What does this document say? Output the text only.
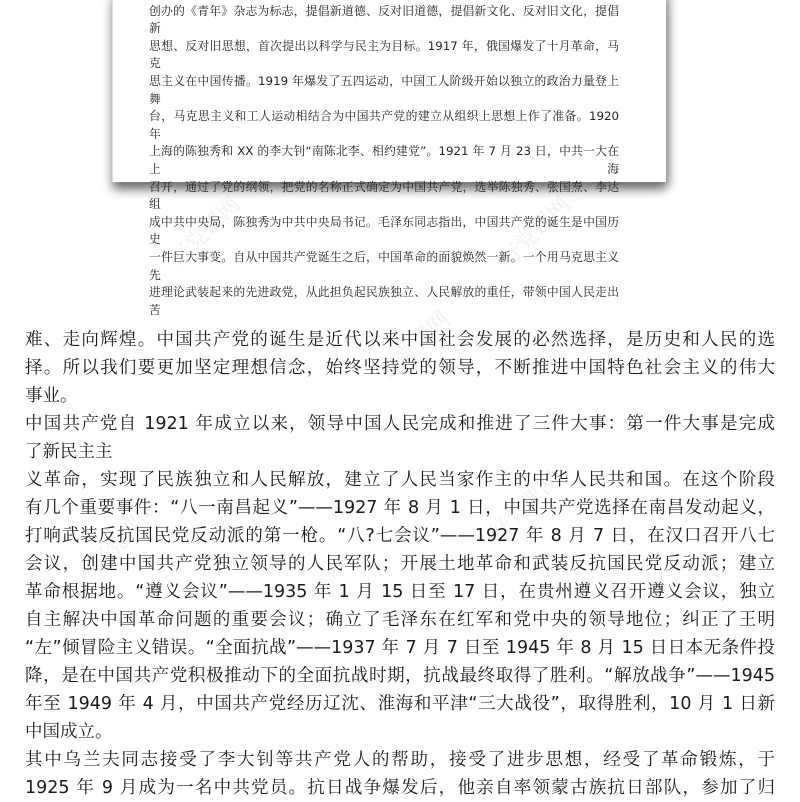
创办的《青年》杂志为标志，提倡新道德、反对旧道德，提倡新文化、反对旧文化，提倡新
思想、反对旧思想，首次提出以科学与民主为目标。1917 年，俄国爆发了十月革命，马克
思主义在中国传播。1919 年爆发了五四运动，中国工人阶级开始以独立的政治力量登上舞
台，马克思主义和工人运动相结合为中国共产党的建立从组织上思想上作了准备。1920 年
上海的陈独秀和 XX 的李大钊“南陈北李、相约建党”。1921 年 7 月 23 日，中共一大在上海
召开，通过了党的纲领，把党的名称正式确定为中国共产党，选举陈独秀、张国焘、李达组
成中共中央局，陈独秀为中共中央局书记。毛泽东同志指出，中国共产党的诞生是中国历史
一件巨大事变。自从中国共产党诞生之后，中国革命的面貌焕然一新。一个用马克思主义先
进理论武装起来的先进政党，从此担负起民族独立、人民解放的重任，带领中国人民走出苦
难、走向辉煌。中国共产党的诞生是近代以来中国社会发展的必然选择，是历史和人民的选
择。所以我们要更加坚定理想信念，始终坚持党的领导，不断推进中国特色社会主义的伟大
事业。
中国共产党自 1921 年成立以来，领导中国人民完成和推进了三件大事：第一件大事是完成
了新民主主
义革命，实现了民族独立和人民解放，建立了人民当家作主的中华人民共和国。在这个阶段
有几个重要事件：“八一南昌起义”——1927 年 8 月 1 日，中国共产党选择在南昌发动起义，
打响武装反抗国民党反动派的第一枪。“八?七会议”——1927 年 8 月 7 日，在汉口召开八七
会议，创建中国共产党独立领导的人民军队；开展土地革命和武装反抗国民党反动派；建立
革命根据地。“遵义会议”——1935 年 1 月 15 日至 17 日，在贵州遵义召开遵义会议，独立
自主解决中国革命问题的重要会议；确立了毛泽东在红军和党中央的领导地位；纠正了王明
“左”倾冒险主义错误。“全面抗战”——1937 年 7 月 7 日至 1945 年 8 月 15 日日本无条件投
降，是在中国共产党积极推动下的全面抗战时期，抗战最终取得了胜利。“解放战争”——1945
年至 1949 年 4 月，中国共产党经历辽沈、淮海和平津“三大战役”，取得胜利，10 月 1 日新
中国成立。
其中乌兰夫同志接受了李大钊等共产党人的帮助，接受了进步思想，经受了革命锻炼，于
1925 年 9 月成为一名中共党员。抗日战争爆发后，他亲自率领蒙古族抗日部队，参加了归
好党课网	好党课网
好党课网
好党课网	好党课网
